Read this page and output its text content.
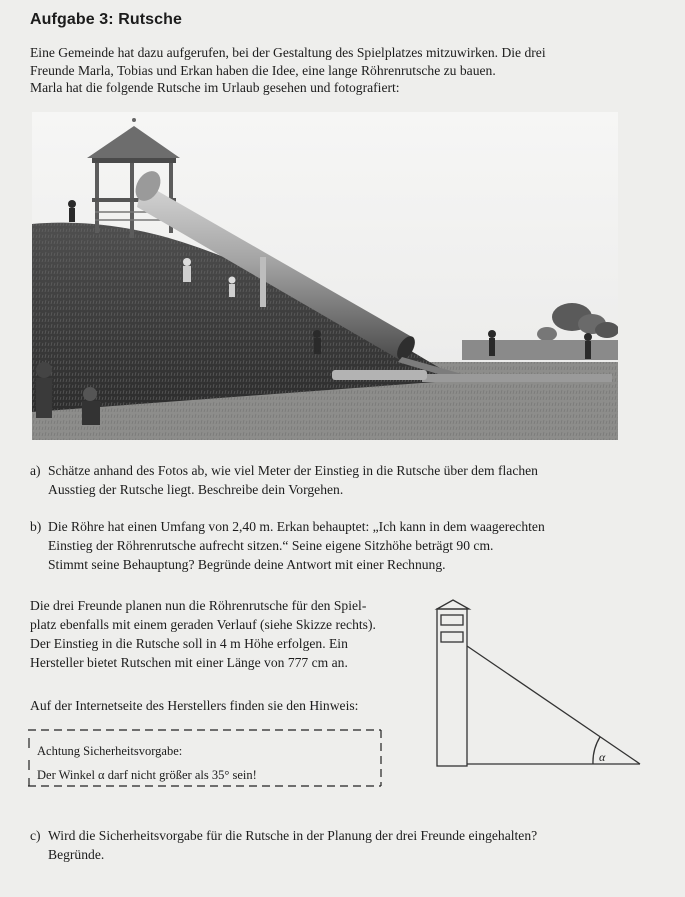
Aufgabe 3: Rutsche
Eine Gemeinde hat dazu aufgerufen, bei der Gestaltung des Spielplatzes mitzuwirken. Die drei
Freunde Marla, Tobias und Erkan haben die Idee, eine lange Röhrenrutsche zu bauen.
Marla hat die folgende Rutsche im Urlaub gesehen und fotografiert:
a) Schätze anhand des Fotos ab, wie viel Meter der Einstieg in die Rutsche über dem flachen
Ausstieg der Rutsche liegt. Beschreibe dein Vorgehen.
b) Die Röhre hat einen Umfang von 2,40 m. Erkan behauptet: „Ich kann in dem waagerechten
Einstieg der Röhrenrutsche aufrecht sitzen.“ Seine eigene Sitzhöhe beträgt 90 cm.
Stimmt seine Behauptung? Begründe deine Antwort mit einer Rechnung.
Die drei Freunde planen nun die Röhrenrutsche für den Spiel-
platz ebenfalls mit einem geraden Verlauf (siehe Skizze rechts).
Der Einstieg in die Rutsche soll in 4 m Höhe erfolgen. Ein
Hersteller bietet Rutschen mit einer Länge von 777 cm an.
Auf der Internetseite des Herstellers finden sie den Hinweis:
Achtung Sicherheitsvorgabe:
Der Winkel α darf nicht größer als 35° sein!
α
c) Wird die Sicherheitsvorgabe für die Rutsche in der Planung der drei Freunde eingehalten?
Begründe.
